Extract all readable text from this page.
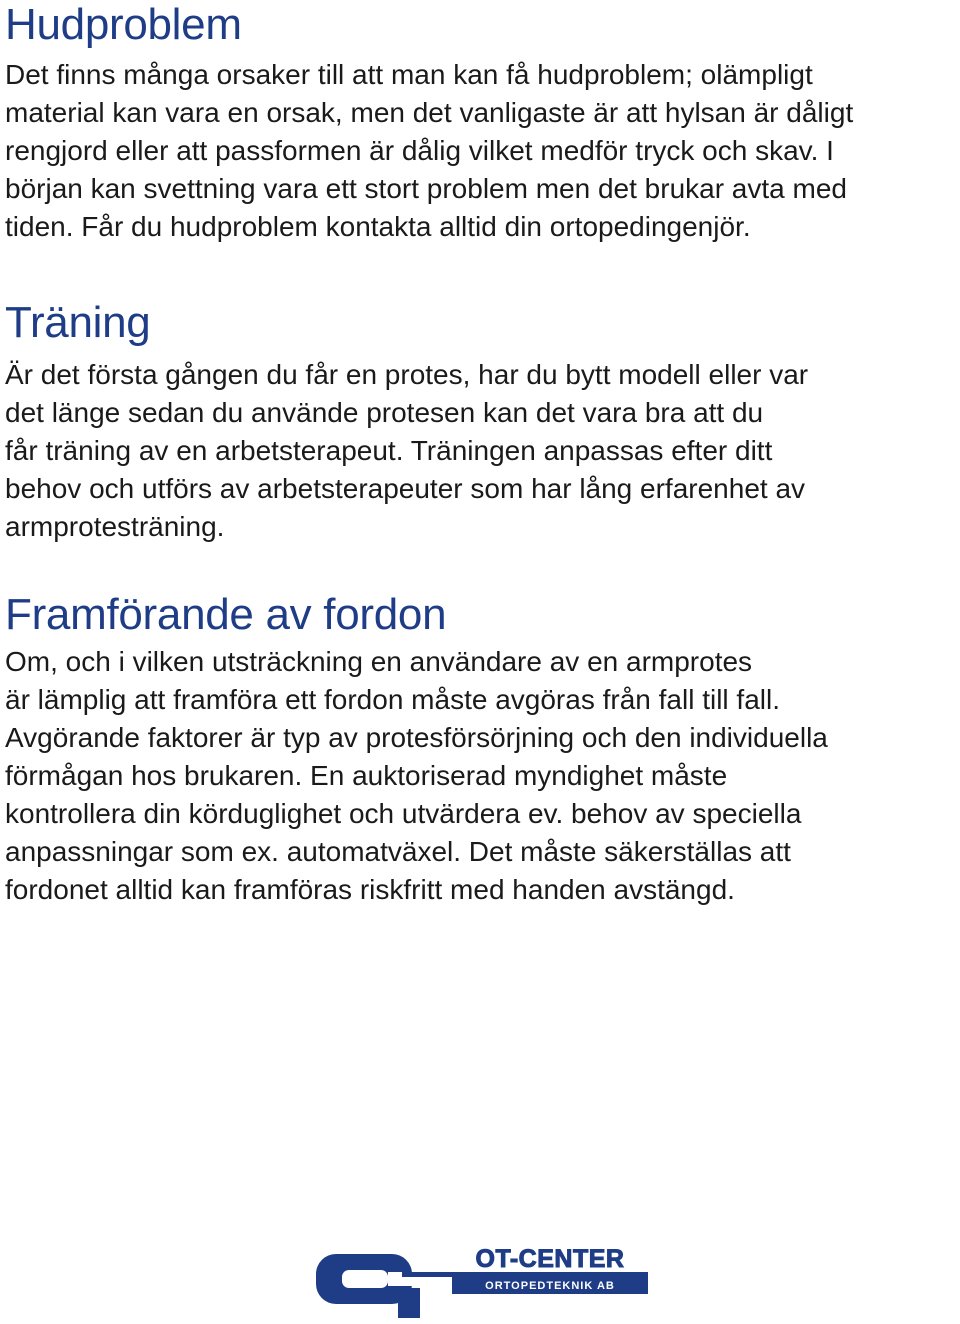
Hudproblem

Det finns många orsaker till att man kan få hudproblem; olämpligt
material kan vara en orsak, men det vanligaste är att hylsan är dåligt
rengjord eller att passformen är dålig vilket medför tryck och skav. I
början kan svettning vara ett stort problem men det brukar avta med
tiden. Får du hudproblem kontakta alltid din ortopedingenjör.

Träning

Är det första gången du får en protes, har du bytt modell eller var
det länge sedan du använde protesen kan det vara bra att du
får träning av en arbetsterapeut. Träningen anpassas efter ditt
behov och utförs av arbetsterapeuter som har lång erfarenhet av
armprotesträning.

Framförande av fordon

Om, och i vilken utsträckning en användare av en armprotes
är lämplig att framföra ett fordon måste avgöras från fall till fall.
Avgörande faktorer är typ av protesförsörjning och den individuella
förmågan hos brukaren. En auktoriserad myndighet måste
kontrollera din körduglighet och utvärdera ev. behov av speciella
anpassningar som ex. automatväxel. Det måste säkerställas att
fordonet alltid kan framföras riskfritt med handen avstängd.

OT-CENTER
ORTOPEDTEKNIK AB
